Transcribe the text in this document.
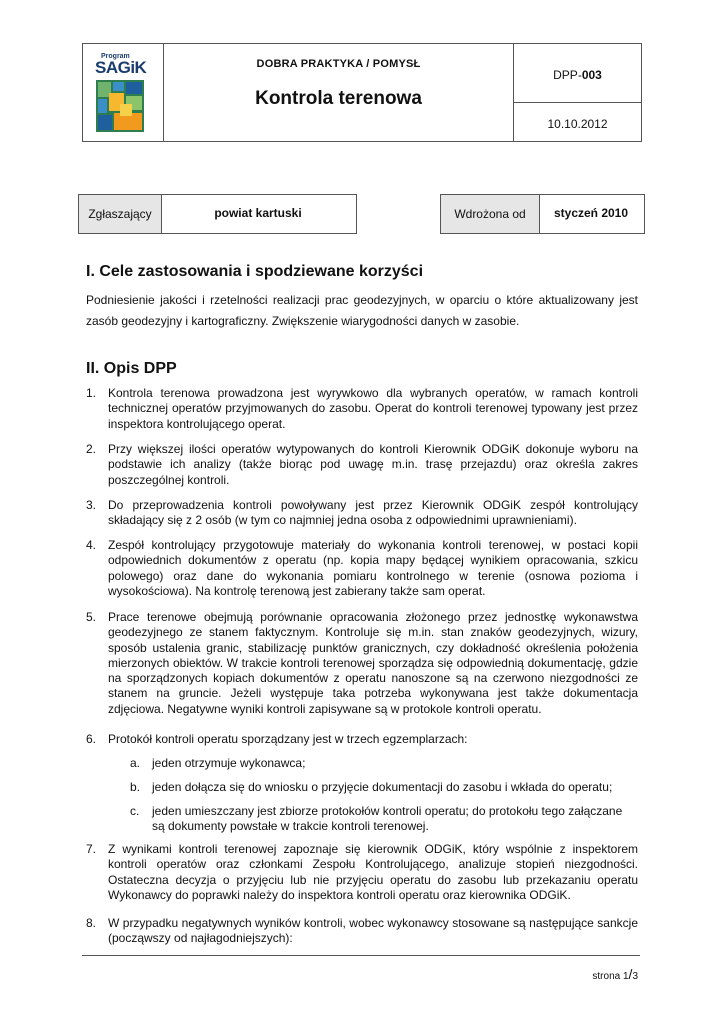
Program
SAGiK	DOBRA PRAKTYKA / POMYSŁ
Kontrola terenowa
DPP-003
10.10.2012
Zgłaszający	powiat kartuski	Wdrożona od	styczeń 2010
I. Cele zastosowania i spodziewane korzyści
Podniesienie jakości i rzetelności realizacji prac geodezyjnych, w oparciu o które aktualizowany jest zasób geodezyjny i kartograficzny. Zwiększenie wiarygodności danych w zasobie.
II. Opis DPP
1. Kontrola terenowa prowadzona jest wyrywkowo dla wybranych operatów, w ramach kontroli technicznej operatów przyjmowanych do zasobu. Operat do kontroli terenowej typowany jest przez inspektora kontrolującego operat.
2. Przy większej ilości operatów wytypowanych do kontroli Kierownik ODGiK dokonuje wyboru na podstawie ich analizy (także biorąc pod uwagę m.in. trasę przejazdu) oraz określa zakres poszczególnej kontroli.
3. Do przeprowadzenia kontroli powoływany jest przez Kierownik ODGiK zespół kontrolujący składający się z 2 osób (w tym co najmniej jedna osoba z odpowiednimi uprawnieniami).
4. Zespół kontrolujący przygotowuje materiały do wykonania kontroli terenowej, w postaci kopii odpowiednich dokumentów z operatu (np. kopia mapy będącej wynikiem opracowania, szkicu polowego) oraz dane do wykonania pomiaru kontrolnego w terenie (osnowa pozioma i wysokościowa). Na kontrolę terenową jest zabierany także sam operat.
5. Prace terenowe obejmują porównanie opracowania złożonego przez jednostkę wykonawstwa geodezyjnego ze stanem faktycznym. Kontroluje się m.in. stan znaków geodezyjnych, wizury, sposób ustalenia granic, stabilizację punktów granicznych, czy dokładność określenia położenia mierzonych obiektów. W trakcie kontroli terenowej sporządza się odpowiednią dokumentację, gdzie na sporządzonych kopiach dokumentów z operatu nanoszone są na czerwono niezgodności ze stanem na gruncie. Jeżeli występuje taka potrzeba wykonywana jest także dokumentacja zdjęciowa. Negatywne wyniki kontroli zapisywane są w protokole kontroli operatu.
6. Protokół kontroli operatu sporządzany jest w trzech egzemplarzach:
a. jeden otrzymuje wykonawca;
b. jeden dołącza się do wniosku o przyjęcie dokumentacji do zasobu i wkłada do operatu;
c. jeden umieszczany jest zbiorze protokołów kontroli operatu; do protokołu tego załączane są dokumenty powstałe w trakcie kontroli terenowej.
7. Z wynikami kontroli terenowej zapoznaje się kierownik ODGiK, który wspólnie z inspektorem kontroli operatów oraz członkami Zespołu Kontrolującego, analizuje stopień niezgodności. Ostateczna decyzja o przyjęciu lub nie przyjęciu operatu do zasobu lub przekazaniu operatu Wykonawcy do poprawki należy do inspektora kontroli operatu oraz kierownika ODGiK.
8. W przypadku negatywnych wyników kontroli, wobec wykonawcy stosowane są następujące sankcje (począwszy od najłagodniejszych):
strona 1/3
